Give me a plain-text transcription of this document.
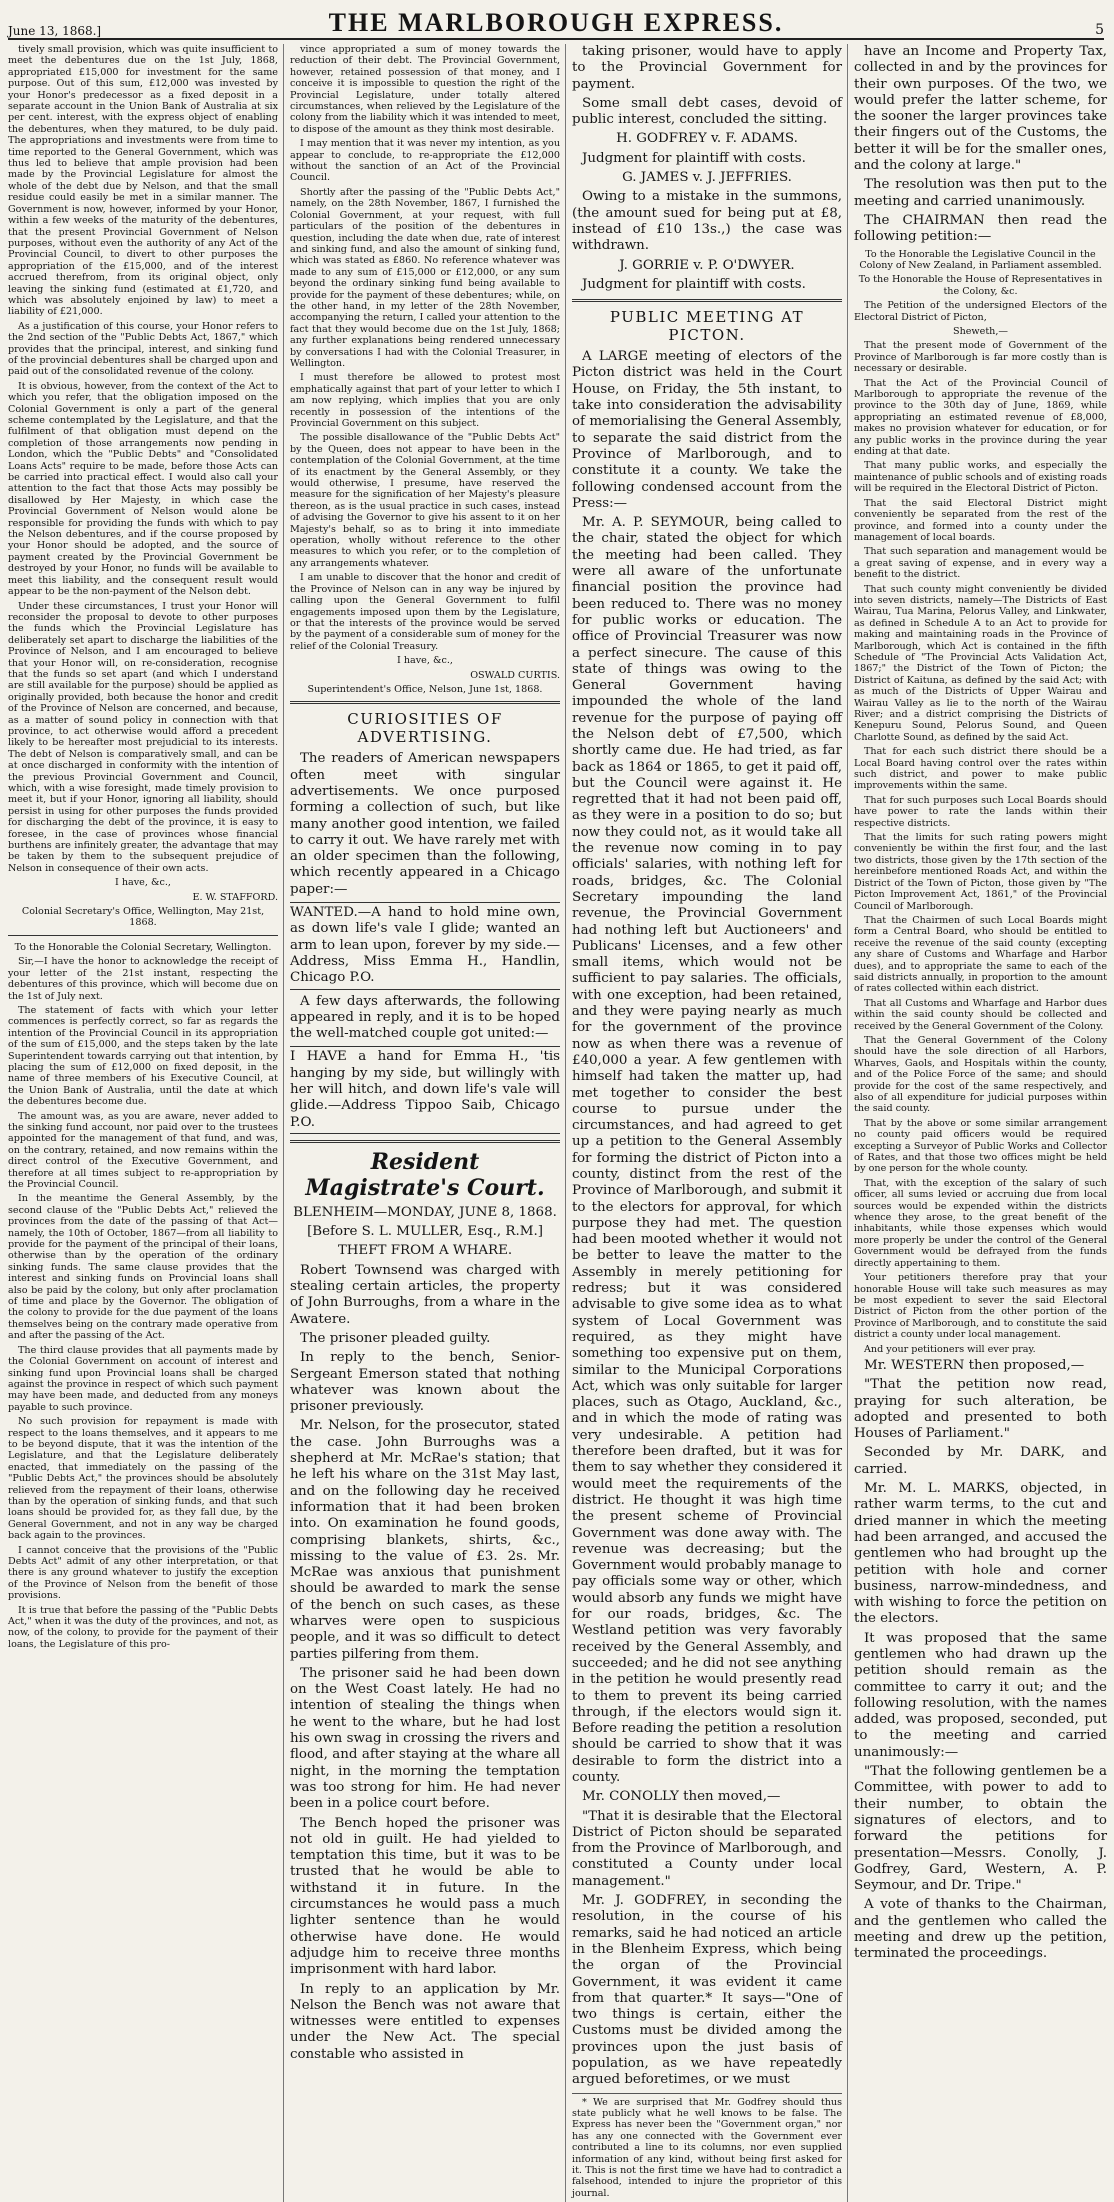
June 13, 1868.]	THE MARLBOROUGH EXPRESS.	5

tively small provision, which was quite insufficient to meet the debentures due on the 1st July, 1868, appropriated £15,000 for investment for the same purpose. Out of this sum, £12,000 was invested by your Honor's predecessor as a fixed deposit in a separate account in the Union Bank of Australia at six per cent. interest, with the express object of enabling the debentures, when they matured, to be duly paid. The appropriations and investments were from time to time reported to the General Government, which was thus led to believe that ample provision had been made by the Provincial Legislature for almost the whole of the debt due by Nelson, and that the small residue could easily be met in a similar manner. The Government is now, however, informed by your Honor, within a few weeks of the maturity of the debentures, that the present Provincial Government of Nelson purposes, without even the authority of any Act of the Provincial Council, to divert to other purposes the appropriation of the £15,000, and of the interest accrued therefrom, from its original object, only leaving the sinking fund (estimated at £1,720, and which was absolutely enjoined by law) to meet a liability of £21,000.

As a justification of this course, your Honor refers to the 2nd section of the "Public Debts Act, 1867," which provides that the principal, interest, and sinking fund of the provincial debentures shall be charged upon and paid out of the consolidated revenue of the colony.

It is obvious, however, from the context of the Act to which you refer, that the obligation imposed on the Colonial Government is only a part of the general scheme contemplated by the Legislature, and that the fulfilment of that obligation must depend on the completion of those arrangements now pending in London, which the "Public Debts" and "Consolidated Loans Acts" require to be made, before those Acts can be carried into practical effect. I would also call your attention to the fact that those Acts may possibly be disallowed by Her Majesty, in which case the Provincial Government of Nelson would alone be responsible for providing the funds with which to pay the Nelson debentures, and if the course proposed by your Honor should be adopted, and the source of payment created by the Provincial Government be destroyed by your Honor, no funds will be available to meet this liability, and the consequent result would appear to be the non-payment of the Nelson debt.

Under these circumstances, I trust your Honor will reconsider the proposal to devote to other purposes the funds which the Provincial Legislature has deliberately set apart to discharge the liabilities of the Province of Nelson, and I am encouraged to believe that your Honor will, on re-consideration, recognise that the funds so set apart (and which I understand are still available for the purpose) should be applied as originally provided, both because the honor and credit of the Province of Nelson are concerned, and because, as a matter of sound policy in connection with that province, to act otherwise would afford a precedent likely to be hereafter most prejudicial to its interests. The debt of Nelson is comparatively small, and can be at once discharged in conformity with the intention of the previous Provincial Government and Council, which, with a wise foresight, made timely provision to meet it, but if your Honor, ignoring all liability, should persist in using for other purposes the funds provided for discharging the debt of the province, it is easy to foresee, in the case of provinces whose financial burthens are infinitely greater, the advantage that may be taken by them to the subsequent prejudice of Nelson in consequence of their own acts.

I have, &c.,

E. W. STAFFORD.

Colonial Secretary's Office, Wellington, May 21st, 1868.

To the Honorable the Colonial Secretary, Wellington.

Sir,—I have the honor to acknowledge the receipt of your letter of the 21st instant, respecting the debentures of this province, which will become due on the 1st of July next.

The statement of facts with which your letter commences is perfectly correct, so far as regards the intention of the Provincial Council in its appropriation of the sum of £15,000, and the steps taken by the late Superintendent towards carrying out that intention, by placing the sum of £12,000 on fixed deposit, in the name of three members of his Executive Council, at the Union Bank of Australia, until the date at which the debentures become due.

The amount was, as you are aware, never added to the sinking fund account, nor paid over to the trustees appointed for the management of that fund, and was, on the contrary, retained, and now remains within the direct control of the Executive Government, and therefore at all times subject to re-appropriation by the Provincial Council.

In the meantime the General Assembly, by the second clause of the "Public Debts Act," relieved the provinces from the date of the passing of that Act—namely, the 10th of October, 1867—from all liability to provide for the payment of the principal of their loans, otherwise than by the operation of the ordinary sinking funds. The same clause provides that the interest and sinking funds on Provincial loans shall also be paid by the colony, but only after proclamation of time and place by the Governor. The obligation of the colony to provide for the due payment of the loans themselves being on the contrary made operative from and after the passing of the Act.

The third clause provides that all payments made by the Colonial Government on account of interest and sinking fund upon Provincial loans shall be charged against the province in respect of which such payment may have been made, and deducted from any moneys payable to such province.

No such provision for repayment is made with respect to the loans themselves, and it appears to me to be beyond dispute, that it was the intention of the Legislature, and that the Legislature deliberately enacted, that immediately on the passing of the "Public Debts Act," the provinces should be absolutely relieved from the repayment of their loans, otherwise than by the operation of sinking funds, and that such loans should be provided for, as they fall due, by the General Government, and not in any way be charged back again to the provinces.

I cannot conceive that the provisions of the "Public Debts Act" admit of any other interpretation, or that there is any ground whatever to justify the exception of the Province of Nelson from the benefit of those provisions.

It is true that before the passing of the "Public Debts Act," when it was the duty of the provinces, and not, as now, of the colony, to provide for the payment of their loans, the Legislature of this pro-

vince appropriated a sum of money towards the reduction of their debt. The Provincial Government, however, retained possession of that money, and I conceive it is impossible to question the right of the Provincial Legislature, under totally altered circumstances, when relieved by the Legislature of the colony from the liability which it was intended to meet, to dispose of the amount as they think most desirable.

I may mention that it was never my intention, as you appear to conclude, to re-appropriate the £12,000 without the sanction of an Act of the Provincial Council.

Shortly after the passing of the "Public Debts Act," namely, on the 28th November, 1867, I furnished the Colonial Government, at your request, with full particulars of the position of the debentures in question, including the date when due, rate of interest and sinking fund, and also the amount of sinking fund, which was stated as £860. No reference whatever was made to any sum of £15,000 or £12,000, or any sum beyond the ordinary sinking fund being available to provide for the payment of these debentures; while, on the other hand, in my letter of the 28th November, accompanying the return, I called your attention to the fact that they would become due on the 1st July, 1868; any further explanations being rendered unnecessary by conversations I had with the Colonial Treasurer, in Wellington.

I must therefore be allowed to protest most emphatically against that part of your letter to which I am now replying, which implies that you are only recently in possession of the intentions of the Provincial Government on this subject.

The possible disallowance of the "Public Debts Act" by the Queen, does not appear to have been in the contemplation of the Colonial Government, at the time of its enactment by the General Assembly, or they would otherwise, I presume, have reserved the measure for the signification of her Majesty's pleasure thereon, as is the usual practice in such cases, instead of advising the Governor to give his assent to it on her Majesty's behalf, so as to bring it into immediate operation, wholly without reference to the other measures to which you refer, or to the completion of any arrangements whatever.

I am unable to discover that the honor and credit of the Province of Nelson can in any way be injured by calling upon the General Government to fulfil engagements imposed upon them by the Legislature, or that the interests of the province would be served by the payment of a considerable sum of money for the relief of the Colonial Treasury.

I have, &c.,

OSWALD CURTIS.

Superintendent's Office, Nelson, June 1st, 1868.

CURIOSITIES OF ADVERTISING.

The readers of American newspapers often meet with singular advertisements. We once purposed forming a collection of such, but like many another good intention, we failed to carry it out. We have rarely met with an older specimen than the following, which recently appeared in a Chicago paper:—

WANTED.—A hand to hold mine own, as down life's vale I glide; wanted an arm to lean upon, forever by my side.—Address, Miss Emma H., Handlin, Chicago P.O.

A few days afterwards, the following appeared in reply, and it is to be hoped the well-matched couple got united:—

I HAVE a hand for Emma H., 'tis hanging by my side, but willingly with her will hitch, and down life's vale will glide.—Address Tippoo Saib, Chicago P.O.

Resident Magistrate's Court.

BLENHEIM—MONDAY, JUNE 8, 1868.

[Before S. L. MULLER, Esq., R.M.]

THEFT FROM A WHARE.

Robert Townsend was charged with stealing certain articles, the property of John Burroughs, from a whare in the Awatere.

The prisoner pleaded guilty.

In reply to the bench, Senior-Sergeant Emerson stated that nothing whatever was known about the prisoner previously.

Mr. Nelson, for the prosecutor, stated the case. John Burroughs was a shepherd at Mr. McRae's station; that he left his whare on the 31st May last, and on the following day he received information that it had been broken into. On examination he found goods, comprising blankets, shirts, &c., missing to the value of £3. 2s. Mr. McRae was anxious that punishment should be awarded to mark the sense of the bench on such cases, as these wharves were open to suspicious people, and it was so difficult to detect parties pilfering from them.

The prisoner said he had been down on the West Coast lately. He had no intention of stealing the things when he went to the whare, but he had lost his own swag in crossing the rivers and flood, and after staying at the whare all night, in the morning the temptation was too strong for him. He had never been in a police court before.

The Bench hoped the prisoner was not old in guilt. He had yielded to temptation this time, but it was to be trusted that he would be able to withstand it in future. In the circumstances he would pass a much lighter sentence than he would otherwise have done. He would adjudge him to receive three months imprisonment with hard labor.

In reply to an application by Mr. Nelson the Bench was not aware that witnesses were entitled to expenses under the New Act. The special constable who assisted in

taking prisoner, would have to apply to the Provincial Government for payment.

Some small debt cases, devoid of public interest, concluded the sitting.

H. GODFREY v. F. ADAMS.

Judgment for plaintiff with costs.

G. JAMES v. J. JEFFRIES.

Owing to a mistake in the summons, (the amount sued for being put at £8, instead of £10 13s.,) the case was withdrawn.

J. GORRIE v. P. O'DWYER.

Judgment for plaintiff with costs.

PUBLIC MEETING AT PICTON.

A LARGE meeting of electors of the Picton district was held in the Court House, on Friday, the 5th instant, to take into consideration the advisability of memorialising the General Assembly, to separate the said district from the Province of Marlborough, and to constitute it a county. We take the following condensed account from the Press:—

Mr. A. P. SEYMOUR, being called to the chair, stated the object for which the meeting had been called. They were all aware of the unfortunate financial position the province had been reduced to. There was no money for public works or education. The office of Provincial Treasurer was now a perfect sinecure. The cause of this state of things was owing to the General Government having impounded the whole of the land revenue for the purpose of paying off the Nelson debt of £7,500, which shortly came due. He had tried, as far back as 1864 or 1865, to get it paid off, but the Council were against it. He regretted that it had not been paid off, as they were in a position to do so; but now they could not, as it would take all the revenue now coming in to pay officials' salaries, with nothing left for roads, bridges, &c. The Colonial Secretary impounding the land revenue, the Provincial Government had nothing left but Auctioneers' and Publicans' Licenses, and a few other small items, which would not be sufficient to pay salaries. The officials, with one exception, had been retained, and they were paying nearly as much for the government of the province now as when there was a revenue of £40,000 a year. A few gentlemen with himself had taken the matter up, had met together to consider the best course to pursue under the circumstances, and had agreed to get up a petition to the General Assembly for forming the district of Picton into a county, distinct from the rest of the Province of Marlborough, and submit it to the electors for approval, for which purpose they had met. The question had been mooted whether it would not be better to leave the matter to the Assembly in merely petitioning for redress; but it was considered advisable to give some idea as to what system of Local Government was required, as they might have something too expensive put on them, similar to the Municipal Corporations Act, which was only suitable for larger places, such as Otago, Auckland, &c., and in which the mode of rating was very undesirable. A petition had therefore been drafted, but it was for them to say whether they considered it would meet the requirements of the district. He thought it was high time the present scheme of Provincial Government was done away with. The revenue was decreasing; but the Government would probably manage to pay officials some way or other, which would absorb any funds we might have for our roads, bridges, &c. The Westland petition was very favorably received by the General Assembly, and succeeded; and he did not see anything in the petition he would presently read to them to prevent its being carried through, if the electors would sign it. Before reading the petition a resolution should be carried to show that it was desirable to form the district into a county.

Mr. CONOLLY then moved,—

"That it is desirable that the Electoral District of Picton should be separated from the Province of Marlborough, and constituted a County under local management."

Mr. J. GODFREY, in seconding the resolution, in the course of his remarks, said he had noticed an article in the Blenheim Express, which being the organ of the Provincial Government, it was evident it came from that quarter.* It says—"One of two things is certain, either the Customs must be divided among the provinces upon the just basis of population, as we have repeatedly argued beforetimes, or we must

* We are surprised that Mr. Godfrey should thus state publicly what he well knows to be false. The Express has never been the "Government organ," nor has any one connected with the Government ever contributed a line to its columns, nor even supplied information of any kind, without being first asked for it. This is not the first time we have had to contradict a falsehood, intended to injure the proprietor of this journal.

have an Income and Property Tax, collected in and by the provinces for their own purposes. Of the two, we would prefer the latter scheme, for the sooner the larger provinces take their fingers out of the Customs, the better it will be for the smaller ones, and the colony at large."

The resolution was then put to the meeting and carried unanimously.

The CHAIRMAN then read the following petition:—

To the Honorable the Legislative Council in the Colony of New Zealand, in Parliament assembled.

To the Honorable the House of Representatives in the Colony, &c.

The Petition of the undersigned Electors of the Electoral District of Picton,

Sheweth,—

That the present mode of Government of the Province of Marlborough is far more costly than is necessary or desirable.

That the Act of the Provincial Council of Marlborough to appropriate the revenue of the province to the 30th day of June, 1869, while appropriating an estimated revenue of £8,000, makes no provision whatever for education, or for any public works in the province during the year ending at that date.

That many public works, and especially the maintenance of public schools and of existing roads will be required in the Electoral District of Picton.

That the said Electoral District might conveniently be separated from the rest of the province, and formed into a county under the management of local boards.

That such separation and management would be a great saving of expense, and in every way a benefit to the district.

That such county might conveniently be divided into seven districts, namely—The Districts of East Wairau, Tua Marina, Pelorus Valley, and Linkwater, as defined in Schedule A to an Act to provide for making and maintaining roads in the Province of Marlborough, which Act is contained in the fifth Schedule of "The Provincial Acts Validation Act, 1867;" the District of the Town of Picton; the District of Kaituna, as defined by the said Act; with as much of the Districts of Upper Wairau and Wairau Valley as lie to the north of the Wairau River; and a district comprising the Districts of Kenepuru Sound, Pelorus Sound, and Queen Charlotte Sound, as defined by the said Act.

That for each such district there should be a Local Board having control over the rates within such district, and power to make public improvements within the same.

That for such purposes such Local Boards should have power to rate the lands within their respective districts.

That the limits for such rating powers might conveniently be within the first four, and the last two districts, those given by the 17th section of the hereinbefore mentioned Roads Act, and within the District of the Town of Picton, those given by "The Picton Improvement Act, 1861," of the Provincial Council of Marlborough.

That the Chairmen of such Local Boards might form a Central Board, who should be entitled to receive the revenue of the said county (excepting any share of Customs and Wharfage and Harbor dues), and to appropriate the same to each of the said districts annually, in proportion to the amount of rates collected within each district.

That all Customs and Wharfage and Harbor dues within the said county should be collected and received by the General Government of the Colony.

That the General Government of the Colony should have the sole direction of all Harbors, Wharves, Gaols, and Hospitals within the county, and of the Police Force of the same; and should provide for the cost of the same respectively, and also of all expenditure for judicial purposes within the said county.

That by the above or some similar arrangement no county paid officers would be required excepting a Surveyor of Public Works and Collector of Rates, and that those two offices might be held by one person for the whole county.

That, with the exception of the salary of such officer, all sums levied or accruing due from local sources would be expended within the districts whence they arose, to the great benefit of the inhabitants, while those expenses which would more properly be under the control of the General Government would be defrayed from the funds directly appertaining to them.

Your petitioners therefore pray that your honorable House will take such measures as may be most expedient to sever the said Electoral District of Picton from the other portion of the Province of Marlborough, and to constitute the said district a county under local management.

And your petitioners will ever pray.

Mr. WESTERN then proposed,—

"That the petition now read, praying for such alteration, be adopted and presented to both Houses of Parliament."

Seconded by Mr. DARK, and carried.

Mr. M. L. MARKS, objected, in rather warm terms, to the cut and dried manner in which the meeting had been arranged, and accused the gentlemen who had brought up the petition with hole and corner business, narrow-mindedness, and with wishing to force the petition on the electors.

It was proposed that the same gentlemen who had drawn up the petition should remain as the committee to carry it out; and the following resolution, with the names added, was proposed, seconded, put to the meeting and carried unanimously:—

"That the following gentlemen be a Committee, with power to add to their number, to obtain the signatures of electors, and to forward the petitions for presentation—Messrs. Conolly, J. Godfrey, Gard, Western, A. P. Seymour, and Dr. Tripe."

A vote of thanks to the Chairman, and the gentlemen who called the meeting and drew up the petition, terminated the proceedings.
